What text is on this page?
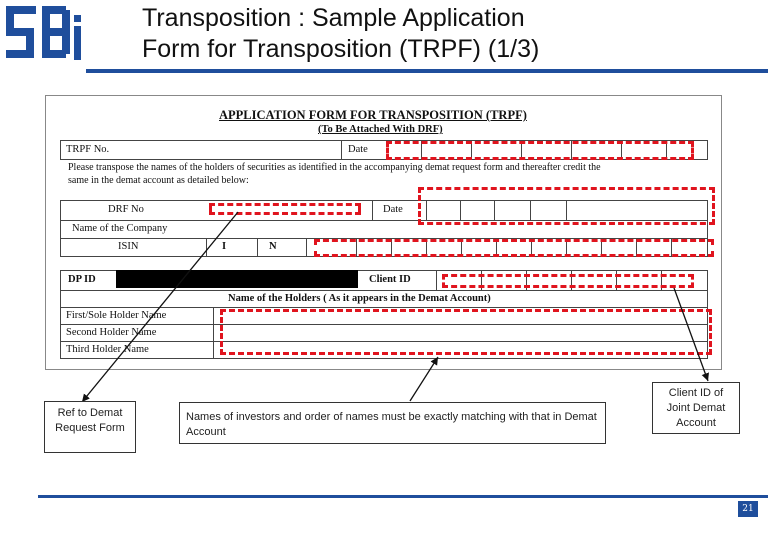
Transposition : Sample Application
Form for Transposition (TRPF) (1/3)
APPLICATION FORM FOR TRANSPOSITION (TRPF)
(To Be Attached With DRF)
TRPF No.	Date
Please transpose the names of the holders of securities as identified in the accompanying demat request form and thereafter credit the
same in the demat account as detailed below:
DRF No	Date
Name of the Company
ISIN	I	N
DP ID	Client ID
Name of the Holders ( As it appears in the Demat Account)
First/Sole Holder Name
Second Holder Name
Third Holder Name
Ref to Demat Request Form
Names of investors and order of names must be exactly matching with that in Demat Account
Client ID of Joint Demat Account
21
